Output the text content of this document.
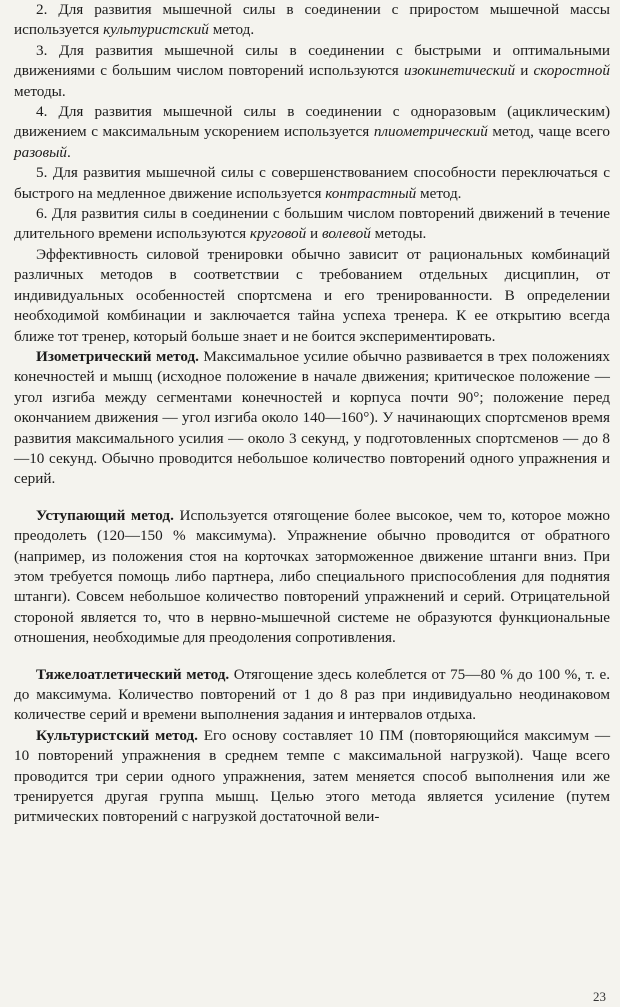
2. Для развития мышечной силы в соединении с приростом мышечной массы используется культуристский метод.

3. Для развития мышечной силы в соединении с быстрыми и оптимальными движениями с большим числом повторений используются изокинетический и скоростной методы.

4. Для развития мышечной силы в соединении с одноразовым (ациклическим) движением с максимальным ускорением используется плиометрический метод, чаще всего разовый.

5. Для развития мышечной силы с совершенствованием способности переключаться с быстрого на медленное движение используется контрастный метод.

6. Для развития силы в соединении с большим числом повторений движений в течение длительного времени используются круговой и волевой методы.

Эффективность силовой тренировки обычно зависит от рациональных комбинаций различных методов в соответствии с требованием отдельных дисциплин, от индивидуальных особенностей спортсмена и его тренированности. В определении необходимой комбинации и заключается тайна успеха тренера. К ее открытию всегда ближе тот тренер, который больше знает и не боится экспериментировать.

Изометрический метод. Максимальное усилие обычно развивается в трех положениях конечностей и мышц (исходное положение в начале движения; критическое положение — угол изгиба между сегментами конечностей и корпуса почти 90°; положение перед окончанием движения — угол изгиба около 140—160°). У начинающих спортсменов время развития максимального усилия — около 3 секунд, у подготовленных спортсменов — до 8—10 секунд. Обычно проводится небольшое количество повторений одного упражнения и серий.

Уступающий метод. Используется отягощение более высокое, чем то, которое можно преодолеть (120—150 % максимума). Упражнение обычно проводится от обратного (например, из положения стоя на корточках заторможенное движение штанги вниз. При этом требуется помощь либо партнера, либо специального приспособления для поднятия штанги). Совсем небольшое количество повторений упражнений и серий. Отрицательной стороной является то, что в нервно-мышечной системе не образуются функциональные отношения, необходимые для преодоления сопротивления.

Тяжелоатлетический метод. Отягощение здесь колеблется от 75—80 % до 100 %, т. е. до максимума. Количество повторений от 1 до 8 раз при индивидуально неодинаковом количестве серий и времени выполнения задания и интервалов отдыха.

Культуристский метод. Его основу составляет 10 ПМ (повторяющийся максимум — 10 повторений упражнения в среднем темпе с максимальной нагрузкой). Чаще всего проводится три серии одного упражнения, затем меняется способ выполнения или же тренируется другая группа мышц. Целью этого метода является усиление (путем ритмических повторений с нагрузкой достаточной вели-

23
